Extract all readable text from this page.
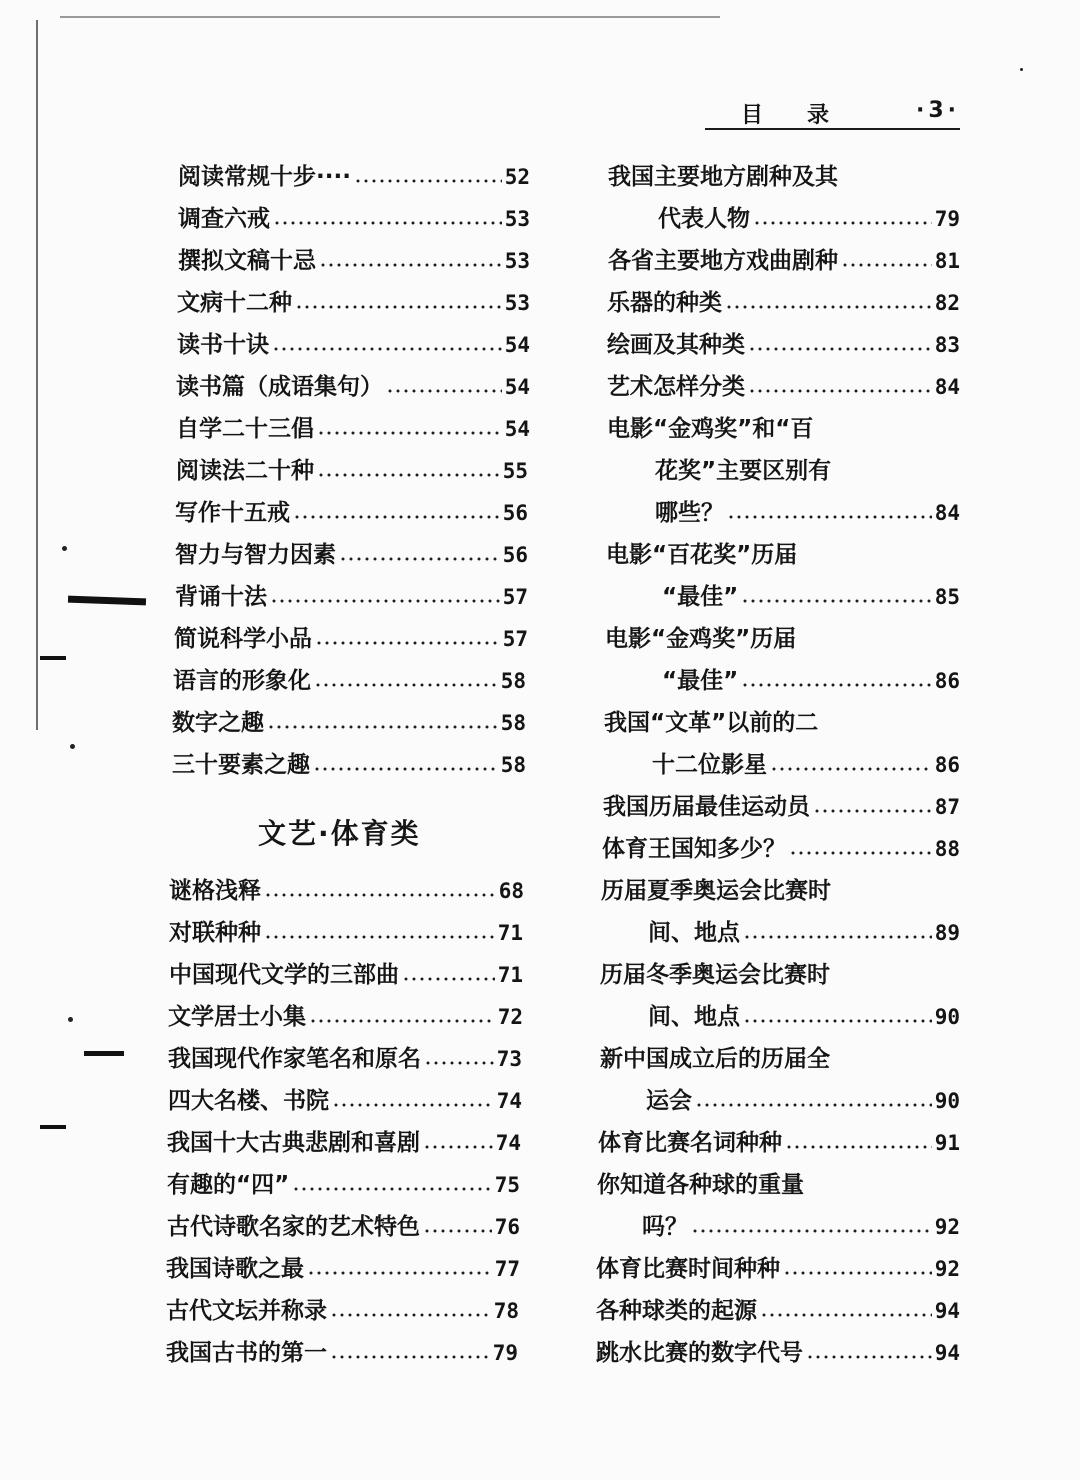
目录 ·3·
阅读常规十步····	52
调查六戒	53
撰拟文稿十忌	53
文病十二种	53
读书十诀	54
读书篇（成语集句）	54
自学二十三倡	54
阅读法二十种	55
写作十五戒	56
智力与智力因素	56
背诵十法	57
简说科学小品	57
语言的形象化	58
数字之趣	58
三十要素之趣	58
谜格浅释	68
对联种种	71
中国现代文学的三部曲	71
文学居士小集	72
我国现代作家笔名和原名	73
四大名楼、书院	74
我国十大古典悲剧和喜剧	74
有趣的“四”	75
古代诗歌名家的艺术特色	76
我国诗歌之最	77
古代文坛并称录	78
我国古书的第一	79
文艺·体育类
我国主要地方剧种及其
代表人物	79
各省主要地方戏曲剧种	81
乐器的种类	82
绘画及其种类	83
艺术怎样分类	84
电影“金鸡奖”和“百
花奖”主要区别有
哪些？	84
电影“百花奖”历届
“最佳”	85
电影“金鸡奖”历届
“最佳”	86
我国“文革”以前的二
十二位影星	86
我国历届最佳运动员	87
体育王国知多少？	88
历届夏季奥运会比赛时
间、地点	89
历届冬季奥运会比赛时
间、地点	90
新中国成立后的历届全
运会	90
体育比赛名词种种	91
你知道各种球的重量
吗？	92
体育比赛时间种种	92
各种球类的起源	94
跳水比赛的数字代号	94
